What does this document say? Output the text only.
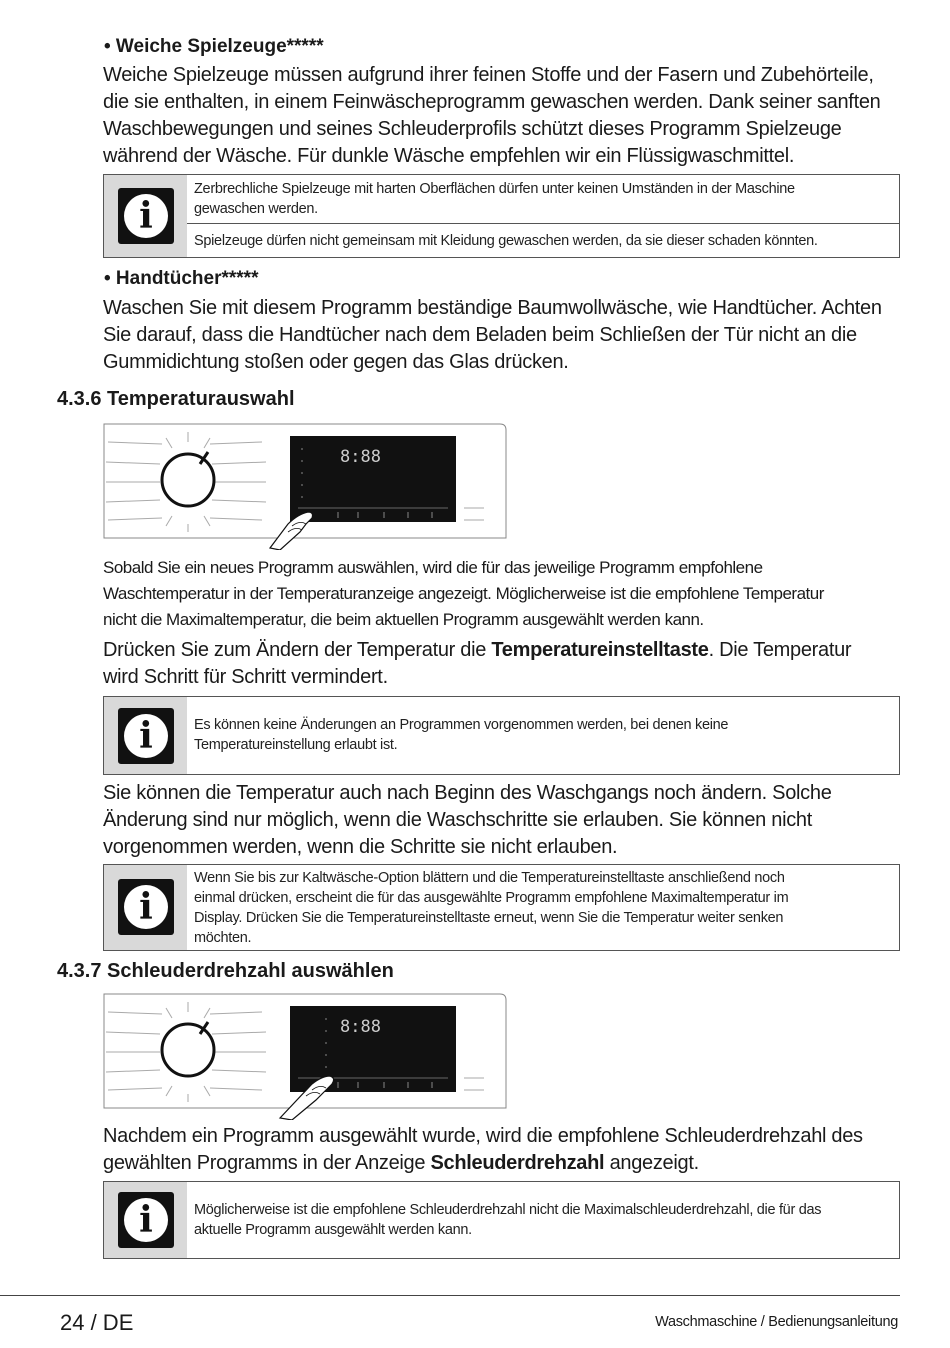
• Weiche Spielzeuge*****
Weiche Spielzeuge müssen aufgrund ihrer feinen Stoffe und der Fasern und Zubehörteile,
die sie enthalten, in einem Feinwäscheprogramm gewaschen werden. Dank seiner sanften
Waschbewegungen und seines Schleuderprofils schützt dieses Programm Spielzeuge
während der Wäsche. Für dunkle Wäsche empfehlen wir ein Flüssigwaschmittel.
i
Zerbrechliche Spielzeuge mit harten Oberflächen dürfen unter keinen Umständen in der Maschine
gewaschen werden.
Spielzeuge dürfen nicht gemeinsam mit Kleidung gewaschen werden, da sie dieser schaden könnten.
• Handtücher*****
Waschen Sie mit diesem Programm beständige Baumwollwäsche, wie Handtücher. Achten
Sie darauf, dass die Handtücher nach dem Beladen beim Schließen der Tür nicht an die
Gummidichtung stoßen oder gegen das Glas drücken.
4.3.6 Temperaturauswahl
8:88
Sobald Sie ein neues Programm auswählen, wird die für das jeweilige Programm empfohlene
Waschtemperatur in der Temperaturanzeige angezeigt. Möglicherweise ist die empfohlene Temperatur
nicht die Maximaltemperatur, die beim aktuellen Programm ausgewählt werden kann.
Drücken Sie zum Ändern der Temperatur die Temperatureinstelltaste. Die Temperatur
wird Schritt für Schritt vermindert.
i	Es können keine Änderungen an Programmen vorgenommen werden, bei denen keine
Temperatureinstellung erlaubt ist.
Sie können die Temperatur auch nach Beginn des Waschgangs noch ändern. Solche
Änderung sind nur möglich, wenn die Waschschritte sie erlauben. Sie können nicht
vorgenommen werden, wenn die Schritte sie nicht erlauben.
i
Wenn Sie bis zur Kaltwäsche-Option blättern und die Temperatureinstelltaste anschließend noch
einmal drücken, erscheint die für das ausgewählte Programm empfohlene Maximaltemperatur im
Display. Drücken Sie die Temperatureinstelltaste erneut, wenn Sie die Temperatur weiter senken
möchten.
4.3.7 Schleuderdrehzahl auswählen
8:88
Nachdem ein Programm ausgewählt wurde, wird die empfohlene Schleuderdrehzahl des
gewählten Programms in der Anzeige Schleuderdrehzahl angezeigt.
i	Möglicherweise ist die empfohlene Schleuderdrehzahl nicht die Maximalschleuderdrehzahl, die für das
aktuelle Programm ausgewählt werden kann.
24 / DE	Waschmaschine / Bedienungsanleitung
